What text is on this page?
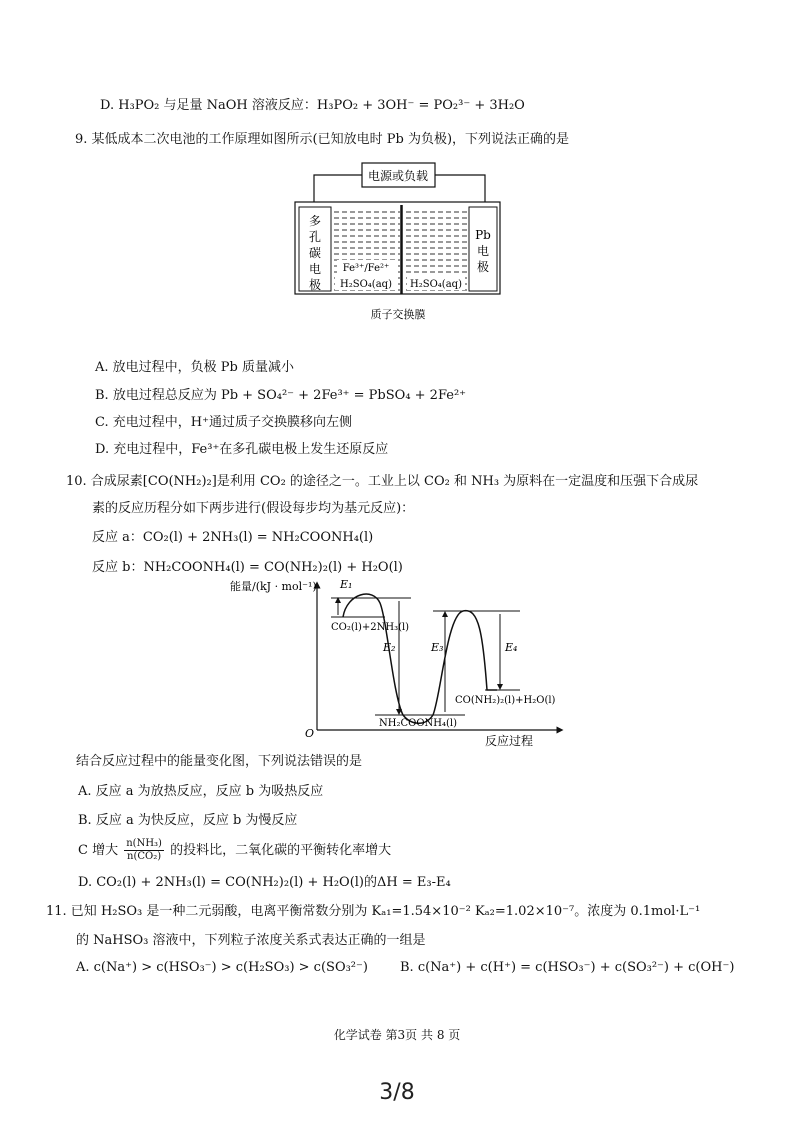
D. H₃PO₂ 与足量 NaOH 溶液反应：H₃PO₂ + 3OH⁻ = PO₂³⁻ + 3H₂O
9. 某低成本二次电池的工作原理如图所示(已知放电时 Pb 为负极)，下列说法正确的是
电源或负载
多
孔
碳
电
极
Pb
电
极
Fe³⁺/Fe²⁺
H₂SO₄(aq) H₂SO₄(aq)
质子交换膜
A. 放电过程中，负极 Pb 质量减小
B. 放电过程总反应为 Pb + SO₄²⁻ + 2Fe³⁺ = PbSO₄ + 2Fe²⁺
C. 充电过程中，H⁺通过质子交换膜移向左侧
D. 充电过程中，Fe³⁺在多孔碳电极上发生还原反应
10. 合成尿素[CO(NH₂)₂]是利用 CO₂ 的途径之一。工业上以 CO₂ 和 NH₃ 为原料在一定温度和压强下合成尿
素的反应历程分如下两步进行(假设每步均为基元反应)：
反应 a：CO₂(l) + 2NH₃(l) = NH₂COONH₄(l)
反应 b：NH₂COONH₄(l) = CO(NH₂)₂(l) + H₂O(l)
能量/(kJ · mol⁻¹)
反应过程
O
E₁
E₂	E₃	E₄
CO₂(l)+2NH₃(l)
NH₂COONH₄(l)
CO(NH₂)₂(l)+H₂O(l)
结合反应过程中的能量变化图，下列说法错误的是
A. 反应 a 为放热反应，反应 b 为吸热反应
B. 反应 a 为快反应，反应 b 为慢反应
C 增大 $\frac{\text{n(NH₃)}}{\text{n(CO₂)}}$ 的投料比，二氧化碳的平衡转化率增大
D. CO₂(l) + 2NH₃(l) = CO(NH₂)₂(l) + H₂O(l)的ΔH = E₃-E₄
11. 已知 H₂SO₃ 是一种二元弱酸，电离平衡常数分别为 Kₐ₁=1.54×10⁻² Kₐ₂=1.02×10⁻⁷。浓度为 0.1mol·L⁻¹
的 NaHSO₃ 溶液中，下列粒子浓度关系式表达正确的一组是
A. c(Na⁺) > c(HSO₃⁻) > c(H₂SO₃) > c(SO₃²⁻) B. c(Na⁺) + c(H⁺) = c(HSO₃⁻) + c(SO₃²⁻) + c(OH⁻)
化学试卷 第3页 共 8 页
3/8
